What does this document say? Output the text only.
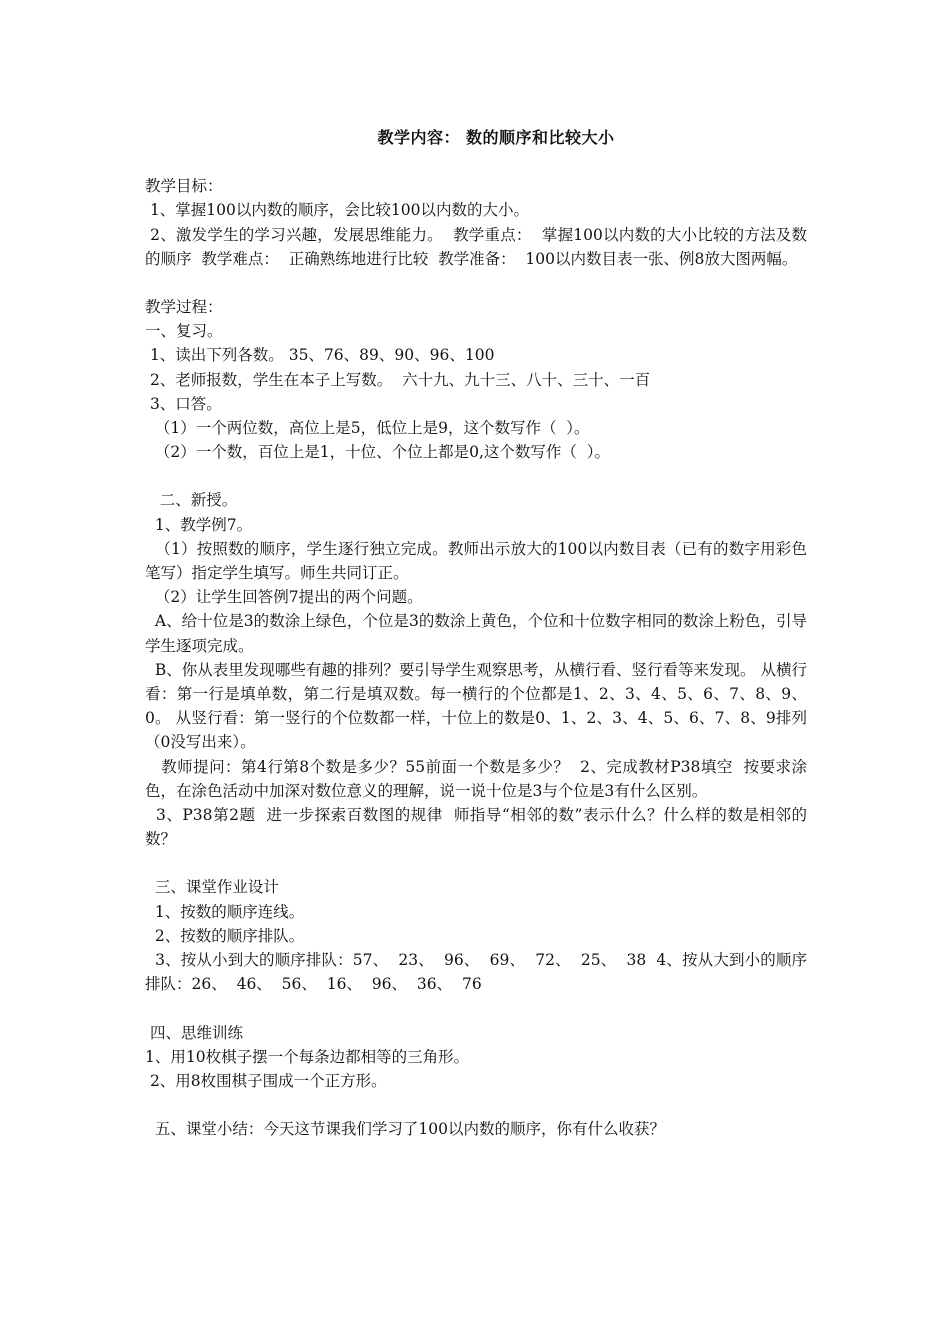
教学内容： 数的顺序和比较大小

教学目标：

1、掌握100以内数的顺序，会比较100以内数的大小。

2、激发学生的学习兴趣，发展思维能力。  教学重点：  掌握100以内数的大小比较的方法及数的顺序  教学难点：  正确熟练地进行比较  教学准备：  100以内数目表一张、例8放大图两幅。

教学过程：

一、复习。

1、读出下列各数。 35、76、89、90、96、100

2、老师报数，学生在本子上写数。  六十九、九十三、八十、三十、一百

3、口答。

（1）一个两位数，高位上是5，低位上是9，这个数写作（  ）。

（2）一个数，百位上是1，十位、个位上都是0,这个数写作（  ）。

二、新授。

1、教学例7。

（1）按照数的顺序，学生逐行独立完成。教师出示放大的100以内数目表（已有的数字用彩色笔写）指定学生填写。师生共同订正。

（2）让学生回答例7提出的两个问题。

A、给十位是3的数涂上绿色，个位是3的数涂上黄色，个位和十位数字相同的数涂上粉色，引导学生逐项完成。

B、你从表里发现哪些有趣的排列？要引导学生观察思考，从横行看、竖行看等来发现。 从横行看：第一行是填单数，第二行是填双数。每一横行的个位都是1、2、3、4、5、6、7、8、9、0。 从竖行看：第一竖行的个位数都一样，十位上的数是0、1、2、3、4、5、6、7、8、9排列（0没写出来）。

教师提问：第4行第8个数是多少？55前面一个数是多少？  2、完成教材P38填空  按要求涂色，在涂色活动中加深对数位意义的理解，说一说十位是3与个位是3有什么区别。

3、P38第2题  进一步探索百数图的规律  师指导“相邻的数”表示什么？什么样的数是相邻的数？

三、课堂作业设计

1、按数的顺序连线。

2、按数的顺序排队。

3、按从小到大的顺序排队：57、  23、  96、  69、  72、  25、  38  4、按从大到小的顺序排队：26、  46、  56、  16、  96、  36、  76

四、思维训练

1、用10枚棋子摆一个每条边都相等的三角形。

2、用8枚围棋子围成一个正方形。

五、课堂小结：今天这节课我们学习了100以内数的顺序，你有什么收获？
